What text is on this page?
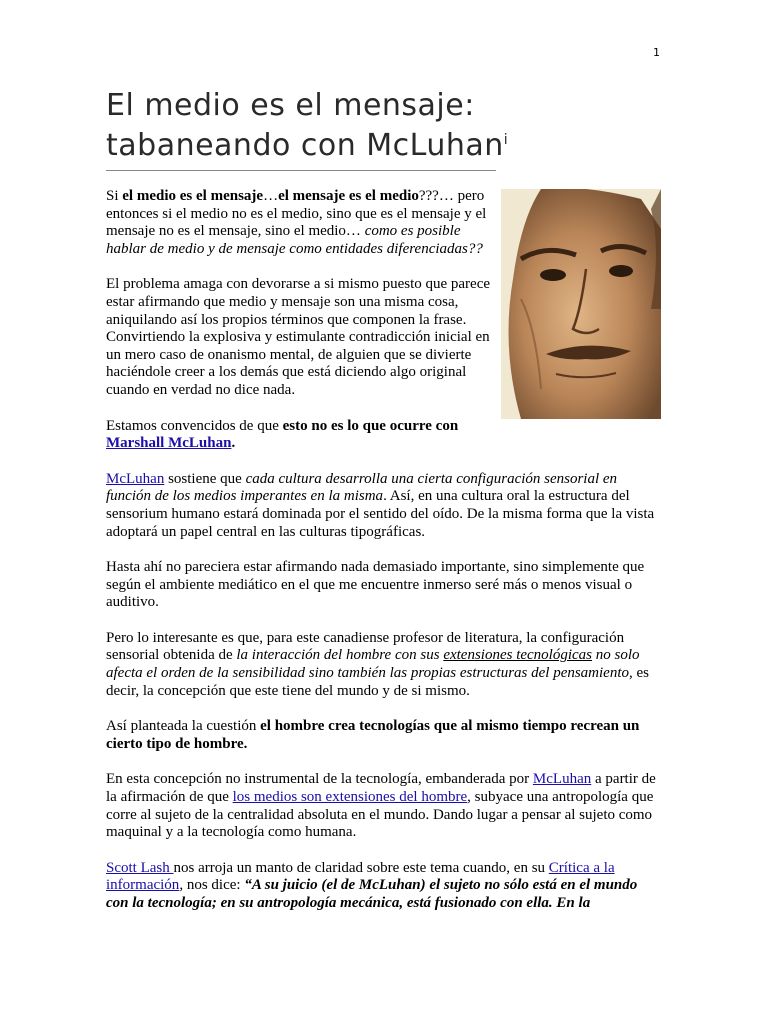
1
El medio es el mensaje: tabaneando con McLuhan$^i$

Si el medio es el mensaje…el mensaje es el medio???… pero entonces si el medio no es el medio, sino que es el mensaje y el mensaje no es el mensaje, sino el medio… como es posible hablar de medio y de mensaje como entidades diferenciadas??

El problema amaga con devorarse a si mismo puesto que parece estar afirmando que medio y mensaje son una misma cosa, aniquilando así los propios términos que componen la frase. Convirtiendo la explosiva y estimulante contradicción inicial en un mero caso de onanismo mental, de alguien que se divierte haciéndole creer a los demás que está diciendo algo original cuando en verdad no dice nada.

Estamos convencidos de que esto no es lo que ocurre con Marshall McLuhan.

McLuhan sostiene que cada cultura desarrolla una cierta configuración sensorial en función de los medios imperantes en la misma. Así, en una cultura oral la estructura del sensorium humano estará dominada por el sentido del oído. De la misma forma que la vista adoptará un papel central en las culturas tipográficas.

Hasta ahí no pareciera estar afirmando nada demasiado importante, sino simplemente que según el ambiente mediático en el que me encuentre inmerso seré más o menos visual o auditivo.

Pero lo interesante es que, para este canadiense profesor de literatura, la configuración sensorial obtenida de la interacción del hombre con sus extensiones tecnológicas no solo afecta el orden de la sensibilidad sino también las propias estructuras del pensamiento, es decir, la concepción que este tiene del mundo y de si mismo.

Así planteada la cuestión el hombre crea tecnologías que al mismo tiempo recrean un cierto tipo de hombre.

En esta concepción no instrumental de la tecnología, embanderada por McLuhan a partir de la afirmación de que los medios son extensiones del hombre, subyace una antropología que corre al sujeto de la centralidad absoluta en el mundo. Dando lugar a pensar al sujeto como maquinal y a la tecnología como humana.

Scott Lash nos arroja un manto de claridad sobre este tema cuando, en su Crítica a la información, nos dice: “A su juicio (el de McLuhan) el sujeto no sólo está en el mundo con la tecnología; en su antropología mecánica, está fusionado con ella. En la
